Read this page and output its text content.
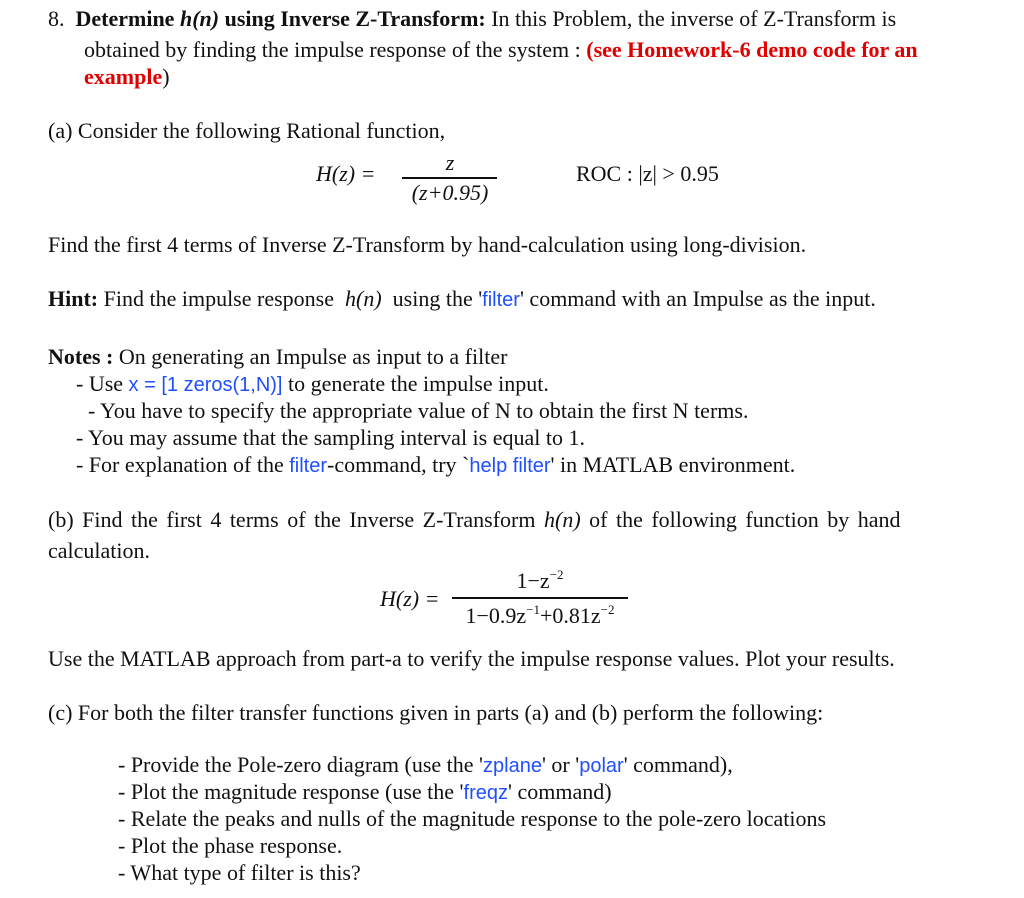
8. Determine h(n) using Inverse Z-Transform: In this Problem, the inverse of Z-Transform is
obtained by finding the impulse response of the system : (see Homework-6 demo code for an
example)
(a) Consider the following Rational function,
H(z) =	z
(z+0.95)
ROC : |z| > 0.95
Find the first 4 terms of Inverse Z-Transform by hand-calculation using long-division.
Hint: Find the impulse response h(n) using the 'filter' command with an Impulse as the input.
Notes : On generating an Impulse as input to a filter
- Use x = [1 zeros(1,N)] to generate the impulse input.
- You have to specify the appropriate value of N to obtain the first N terms.
- You may assume that the sampling interval is equal to 1.
- For explanation of the filter-command, try `help filter' in MATLAB environment.
(b) Find the first 4 terms of the Inverse Z-Transform h(n) of the following function by hand
calculation.
H(z) =
$1-z^{-2}$
$1-0.9z^{-1}+0.81z^{-2}$
Use the MATLAB approach from part-a to verify the impulse response values. Plot your results.
(c) For both the filter transfer functions given in parts (a) and (b) perform the following:
- Provide the Pole-zero diagram (use the 'zplane' or 'polar' command),
- Plot the magnitude response (use the 'freqz' command)
- Relate the peaks and nulls of the magnitude response to the pole-zero locations
- Plot the phase response.
- What type of filter is this?
